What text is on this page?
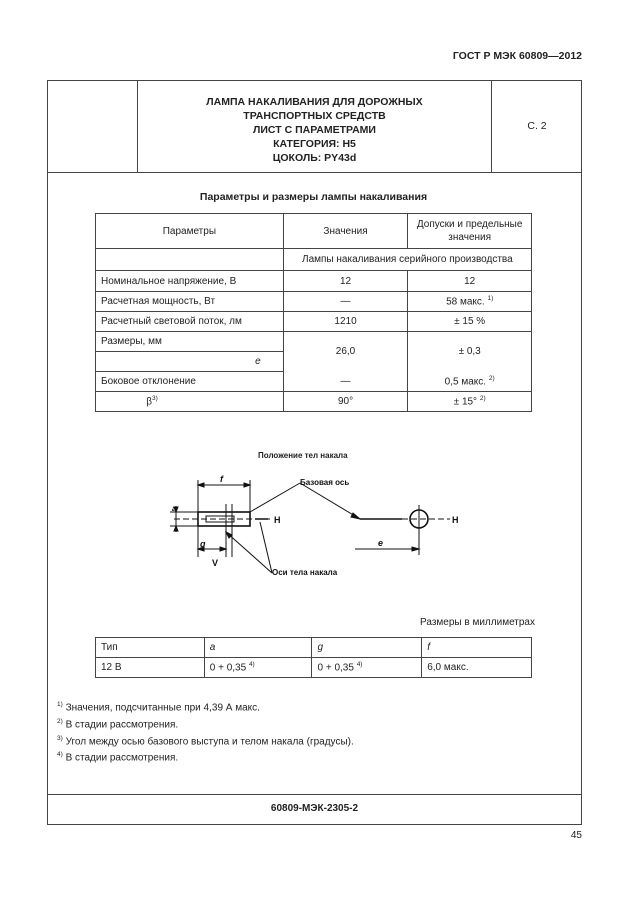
ГОСТ Р МЭК 60809—2012
ЛАМПА НАКАЛИВАНИЯ ДЛЯ ДОРОЖНЫХ
ТРАНСПОРТНЫХ СРЕДСТВ
ЛИСТ С ПАРАМЕТРАМИ
КАТЕГОРИЯ: Н5
ЦОКОЛЬ: PY43d
С. 2
Параметры и размеры лампы накаливания
Параметры	Значения	Допуски и предельные значения
	Лампы накаливания серийного производства	
Номинальное напряжение, В	12	12
Расчетная мощность, Вт	—	58 макс. $^{1)}$
Расчетный световой поток, лм	1210	± 15 %
Размеры, мм	26,0	± 0,3
e		
Боковое отклонение	—	0,5 макс. $^{2)}$
$\beta^{3)}$	90°	± 15° $^{2)}$
Положение тел накала
Базовая ось
Оси тела накала
f
g
V
H	H
e
a
Размеры в миллиметрах
Тип	a	g	f
12 В	0 + 0,35 $^{4)}$	0 + 0,35 $^{4)}$	6,0 макс.
$^{1)}$ Значения, подсчитанные при 4,39 А макс.
$^{2)}$ В стадии рассмотрения.
$^{3)}$ Угол между осью базового выступа и телом накала (градусы).
$^{4)}$ В стадии рассмотрения.
60809-МЭК-2305-2
45
